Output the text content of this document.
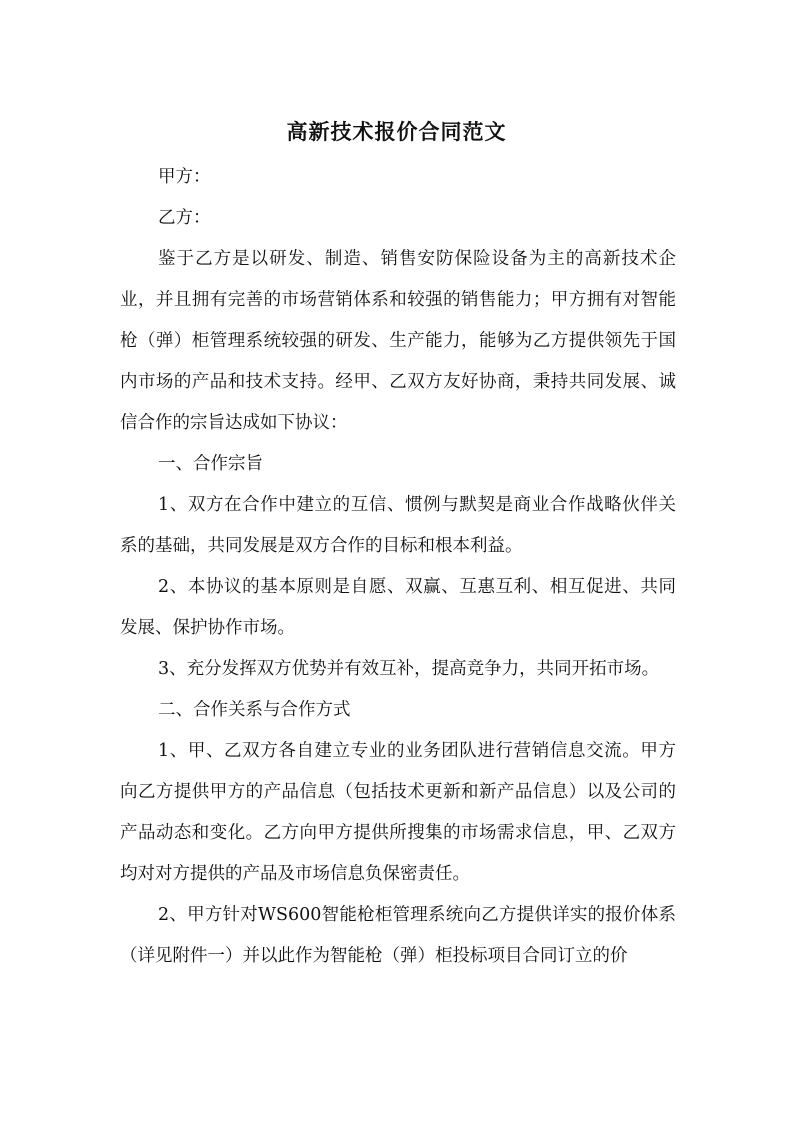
高新技术报价合同范文

甲方：

乙方：

鉴于乙方是以研发、制造、销售安防保险设备为主的高新技术企业，并且拥有完善的市场营销体系和较强的销售能力；甲方拥有对智能枪（弹）柜管理系统较强的研发、生产能力，能够为乙方提供领先于国内市场的产品和技术支持。经甲、乙双方友好协商，秉持共同发展、诚信合作的宗旨达成如下协议：

一、合作宗旨

1、双方在合作中建立的互信、惯例与默契是商业合作战略伙伴关系的基础，共同发展是双方合作的目标和根本利益。

2、本协议的基本原则是自愿、双赢、互惠互利、相互促进、共同发展、保护协作市场。

3、充分发挥双方优势并有效互补，提高竞争力，共同开拓市场。

二、合作关系与合作方式

1、甲、乙双方各自建立专业的业务团队进行营销信息交流。甲方向乙方提供甲方的产品信息（包括技术更新和新产品信息）以及公司的产品动态和变化。乙方向甲方提供所搜集的市场需求信息，甲、乙双方均对对方提供的产品及市场信息负保密责任。

2、甲方针对WS600智能枪柜管理系统向乙方提供详实的报价体系（详见附件一）并以此作为智能枪（弹）柜投标项目合同订立的价
